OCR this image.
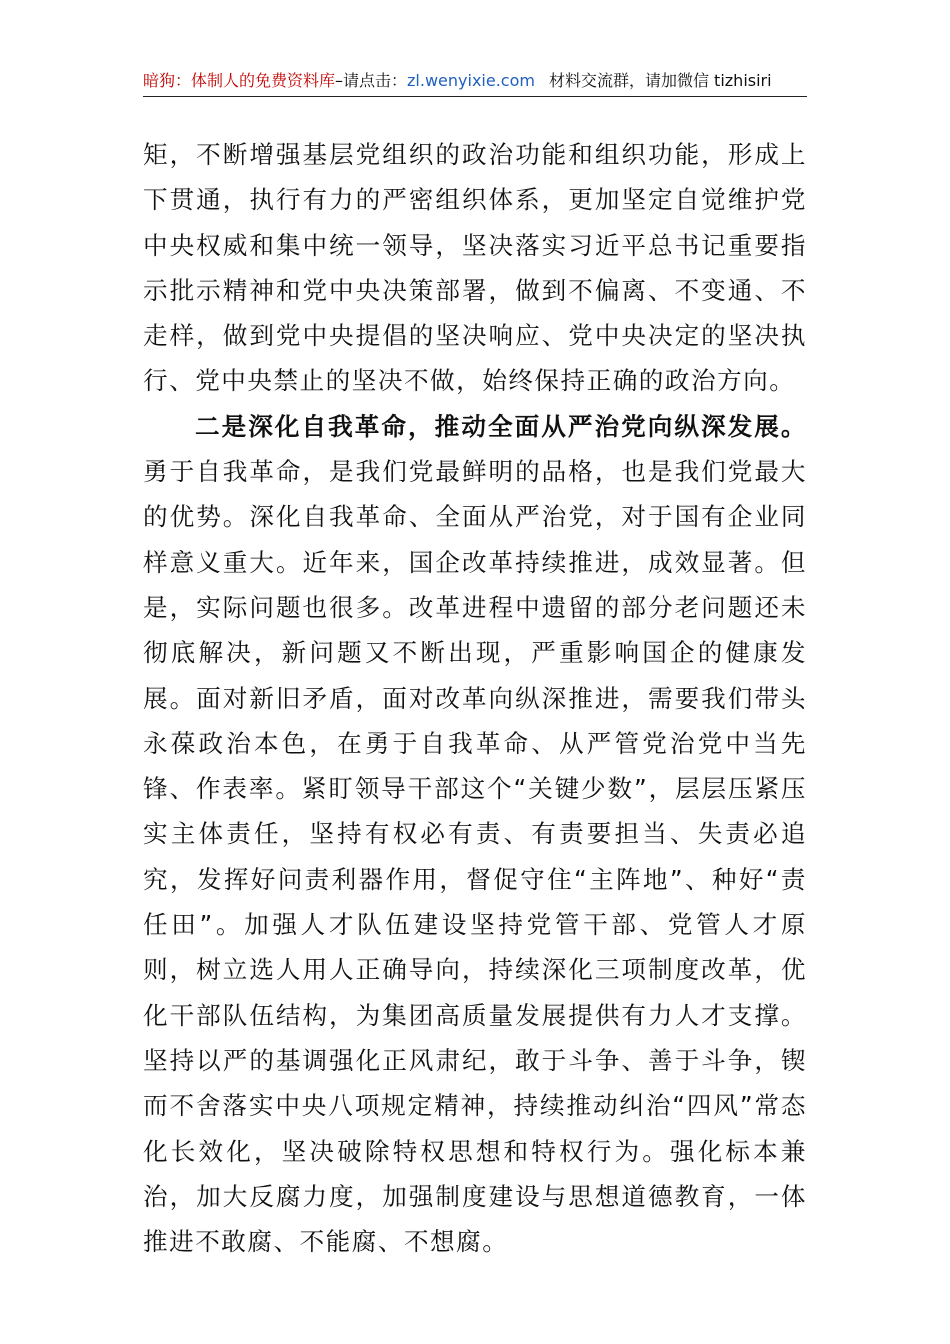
暗狗：体制人的免费资料库–请点击：zl.wenyixie.com 材料交流群，请加微信 tizhisiri

矩，不断增强基层党组织的政治功能和组织功能，形成上下贯通，执行有力的严密组织体系，更加坚定自觉维护党中央权威和集中统一领导，坚决落实习近平总书记重要指示批示精神和党中央决策部署，做到不偏离、不变通、不走样，做到党中央提倡的坚决响应、党中央决定的坚决执行、党中央禁止的坚决不做，始终保持正确的政治方向。

二是深化自我革命，推动全面从严治党向纵深发展。勇于自我革命，是我们党最鲜明的品格，也是我们党最大的优势。深化自我革命、全面从严治党，对于国有企业同样意义重大。近年来，国企改革持续推进，成效显著。但是，实际问题也很多。改革进程中遗留的部分老问题还未彻底解决，新问题又不断出现，严重影响国企的健康发展。面对新旧矛盾，面对改革向纵深推进，需要我们带头永葆政治本色，在勇于自我革命、从严管党治党中当先锋、作表率。紧盯领导干部这个“关键少数”，层层压紧压实主体责任，坚持有权必有责、有责要担当、失责必追究，发挥好问责利器作用，督促守住“主阵地”、种好“责任田”。加强人才队伍建设坚持党管干部、党管人才原则，树立选人用人正确导向，持续深化三项制度改革，优化干部队伍结构，为集团高质量发展提供有力人才支撑。坚持以严的基调强化正风肃纪，敢于斗争、善于斗争，锲而不舍落实中央八项规定精神，持续推动纠治“四风”常态化长效化，坚决破除特权思想和特权行为。强化标本兼治，加大反腐力度，加强制度建设与思想道德教育，一体推进不敢腐、不能腐、不想腐。
